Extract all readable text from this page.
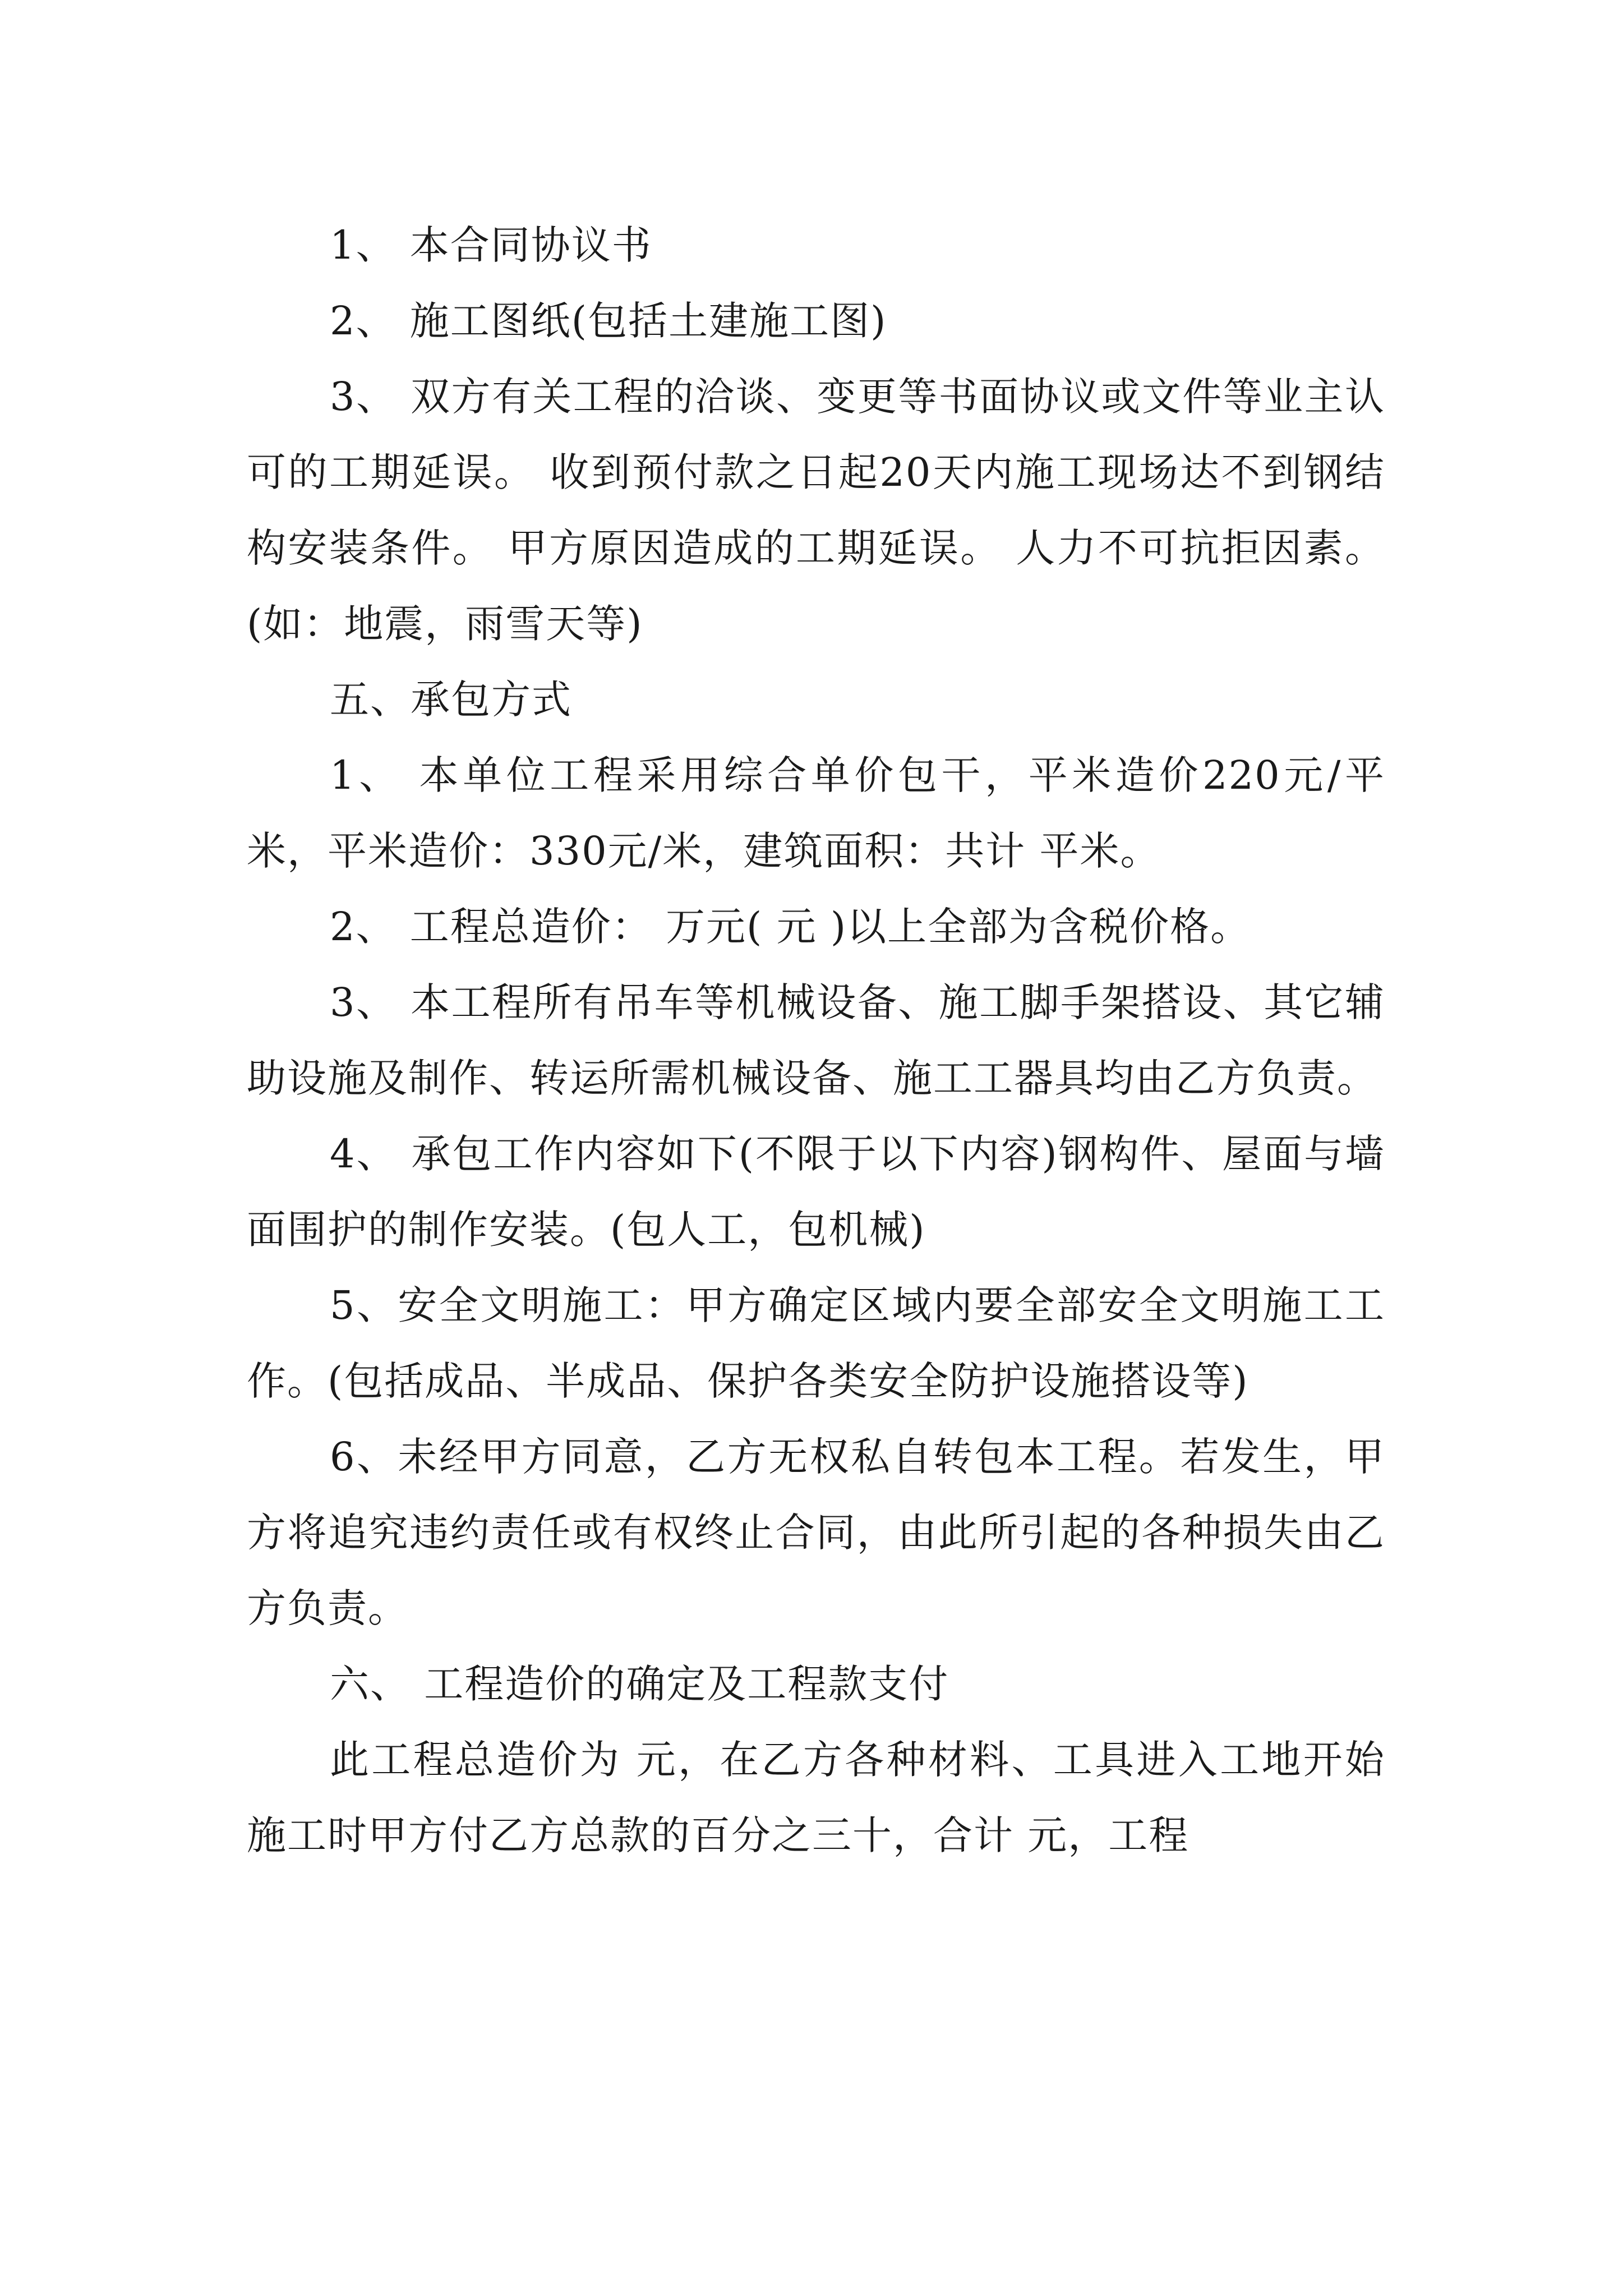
1、 本合同协议书

2、 施工图纸(包括土建施工图)

3、 双方有关工程的洽谈、变更等书面协议或文件等业主认可的工期延误。 收到预付款之日起20天内施工现场达不到钢结构安装条件。 甲方原因造成的工期延误。 人力不可抗拒因素。(如：地震，雨雪天等)

五、承包方式

1、 本单位工程采用综合单价包干，平米造价220元/平米，平米造价：330元/米，建筑面积：共计 平米。

2、 工程总造价： 万元( 元 )以上全部为含税价格。

3、 本工程所有吊车等机械设备、施工脚手架搭设、其它辅助设施及制作、转运所需机械设备、施工工器具均由乙方负责。

4、 承包工作内容如下(不限于以下内容)钢构件、屋面与墙面围护的制作安装。(包人工，包机械)

5、安全文明施工：甲方确定区域内要全部安全文明施工工作。(包括成品、半成品、保护各类安全防护设施搭设等)

6、未经甲方同意，乙方无权私自转包本工程。若发生，甲方将追究违约责任或有权终止合同，由此所引起的各种损失由乙方负责。

六、 工程造价的确定及工程款支付

此工程总造价为 元，在乙方各种材料、工具进入工地开始施工时甲方付乙方总款的百分之三十，合计 元，工程
